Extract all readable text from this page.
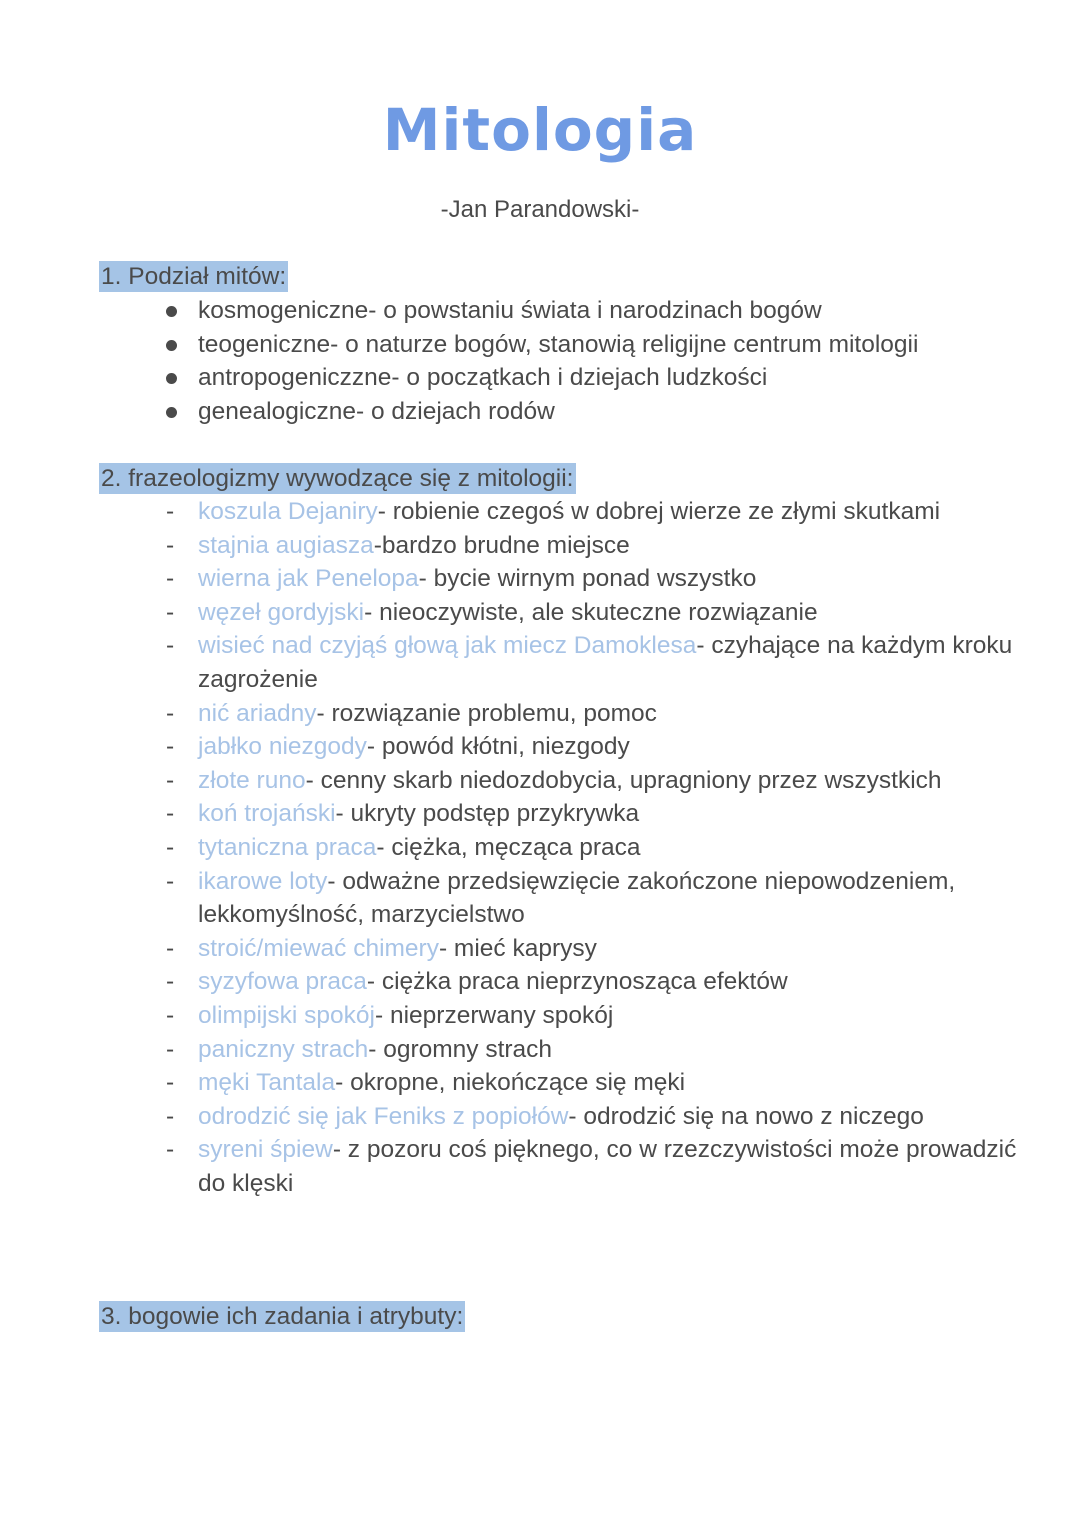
Mitologia
-Jan Parandowski-
1. Podział mitów:
kosmogeniczne- o powstaniu świata i narodzinach bogów
teogeniczne- o naturze bogów, stanowią religijne centrum mitologii
antropogeniczzne- o początkach i dziejach ludzkości
genealogiczne- o dziejach rodów
2. frazeologizmy wywodzące się z mitologii:
- koszula Dejaniry- robienie czegoś w dobrej wierze ze złymi skutkami
- stajnia augiasza-bardzo brudne miejsce
- wierna jak Penelopa- bycie wirnym ponad wszystko
- węzeł gordyjski- nieoczywiste, ale skuteczne rozwiązanie
- wisieć nad czyjąś głową jak miecz Damoklesa- czyhające na każdym kroku zagrożenie
- nić ariadny- rozwiązanie problemu, pomoc
- jabłko niezgody- powód kłótni, niezgody
- złote runo- cenny skarb niedozdobycia, upragniony przez wszystkich
- koń trojański- ukryty podstęp przykrywka
- tytaniczna praca- ciężka, męcząca praca
- ikarowe loty- odważne przedsięwzięcie zakończone niepowodzeniem, lekkomyślność, marzycielstwo
- stroić/miewać chimery- mieć kaprysy
- syzyfowa praca- ciężka praca nieprzynosząca efektów
- olimpijski spokój- nieprzerwany spokój
- paniczny strach- ogromny strach
- męki Tantala- okropne, niekończące się męki
- odrodzić się jak Feniks z popiołów- odrodzić się na nowo z niczego
- syreni śpiew- z pozoru coś pięknego, co w rzezczywistości może prowadzić do klęski
3. bogowie ich zadania i atrybuty:
